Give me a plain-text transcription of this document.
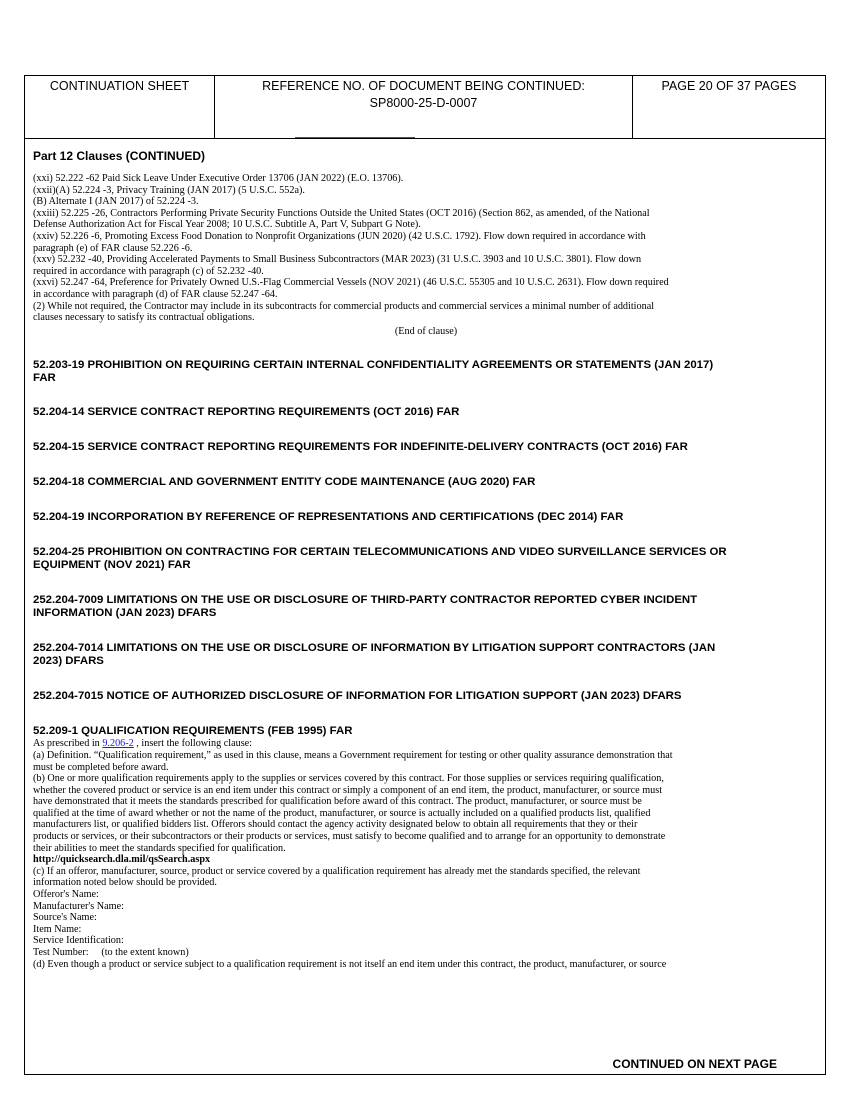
CONTINUATION SHEET	REFERENCE NO. OF DOCUMENT BEING CONTINUED:
SP8000-25-D-0007
PAGE 20 OF 37 PAGES
Part 12 Clauses (CONTINUED)
(xxi) 52.222 -62 Paid Sick Leave Under Executive Order 13706 (JAN 2022) (E.O. 13706).
(xxii)(A) 52.224 -3, Privacy Training (JAN 2017) (5 U.S.C. 552a).
(B) Alternate I (JAN 2017) of 52.224 -3.
(xxiii) 52.225 -26, Contractors Performing Private Security Functions Outside the United States (OCT 2016) (Section 862, as amended, of the National
Defense Authorization Act for Fiscal Year 2008; 10 U.S.C. Subtitle A, Part V, Subpart G Note).
(xxiv) 52.226 -6, Promoting Excess Food Donation to Nonprofit Organizations (JUN 2020) (42 U.S.C. 1792). Flow down required in accordance with
paragraph (e) of FAR clause 52.226 -6.
(xxv) 52.232 -40, Providing Accelerated Payments to Small Business Subcontractors (MAR 2023) (31 U.S.C. 3903 and 10 U.S.C. 3801). Flow down
required in accordance with paragraph (c) of 52.232 -40.
(xxvi) 52.247 -64, Preference for Privately Owned U.S.-Flag Commercial Vessels (NOV 2021) (46 U.S.C. 55305 and 10 U.S.C. 2631). Flow down required
in accordance with paragraph (d) of FAR clause 52.247 -64.
(2) While not required, the Contractor may include in its subcontracts for commercial products and commercial services a minimal number of additional
clauses necessary to satisfy its contractual obligations.
(End of clause)
52.203-19 PROHIBITION ON REQUIRING CERTAIN INTERNAL CONFIDENTIALITY AGREEMENTS OR STATEMENTS (JAN 2017)
FAR
52.204-14 SERVICE CONTRACT REPORTING REQUIREMENTS (OCT 2016) FAR
52.204-15 SERVICE CONTRACT REPORTING REQUIREMENTS FOR INDEFINITE-DELIVERY CONTRACTS (OCT 2016) FAR
52.204-18 COMMERCIAL AND GOVERNMENT ENTITY CODE MAINTENANCE (AUG 2020) FAR
52.204-19 INCORPORATION BY REFERENCE OF REPRESENTATIONS AND CERTIFICATIONS (DEC 2014) FAR
52.204-25 PROHIBITION ON CONTRACTING FOR CERTAIN TELECOMMUNICATIONS AND VIDEO SURVEILLANCE SERVICES OR
EQUIPMENT (NOV 2021) FAR
252.204-7009 LIMITATIONS ON THE USE OR DISCLOSURE OF THIRD-PARTY CONTRACTOR REPORTED CYBER INCIDENT
INFORMATION (JAN 2023) DFARS
252.204-7014 LIMITATIONS ON THE USE OR DISCLOSURE OF INFORMATION BY LITIGATION SUPPORT CONTRACTORS (JAN
2023) DFARS
252.204-7015 NOTICE OF AUTHORIZED DISCLOSURE OF INFORMATION FOR LITIGATION SUPPORT (JAN 2023) DFARS
52.209-1 QUALIFICATION REQUIREMENTS (FEB 1995) FAR
As prescribed in 9.206-2 , insert the following clause:
(a) Definition. “Qualification requirement,” as used in this clause, means a Government requirement for testing or other quality assurance demonstration that
must be completed before award.
(b) One or more qualification requirements apply to the supplies or services covered by this contract. For those supplies or services requiring qualification,
whether the covered product or service is an end item under this contract or simply a component of an end item, the product, manufacturer, or source must
have demonstrated that it meets the standards prescribed for qualification before award of this contract. The product, manufacturer, or source must be
qualified at the time of award whether or not the name of the product, manufacturer, or source is actually included on a qualified products list, qualified
manufacturers list, or qualified bidders list. Offerors should contact the agency activity designated below to obtain all requirements that they or their
products or services, or their subcontractors or their products or services, must satisfy to become qualified and to arrange for an opportunity to demonstrate
their abilities to meet the standards specified for qualification.
http://quicksearch.dla.mil/qsSearch.aspx
(c) If an offeror, manufacturer, source, product or service covered by a qualification requirement has already met the standards specified, the relevant
information noted below should be provided.
Offeror's Name:
Manufacturer's Name:
Source's Name:
Item Name:
Service Identification:
Test Number:     (to the extent known)
(d) Even though a product or service subject to a qualification requirement is not itself an end item under this contract, the product, manufacturer, or source
CONTINUED ON NEXT PAGE
